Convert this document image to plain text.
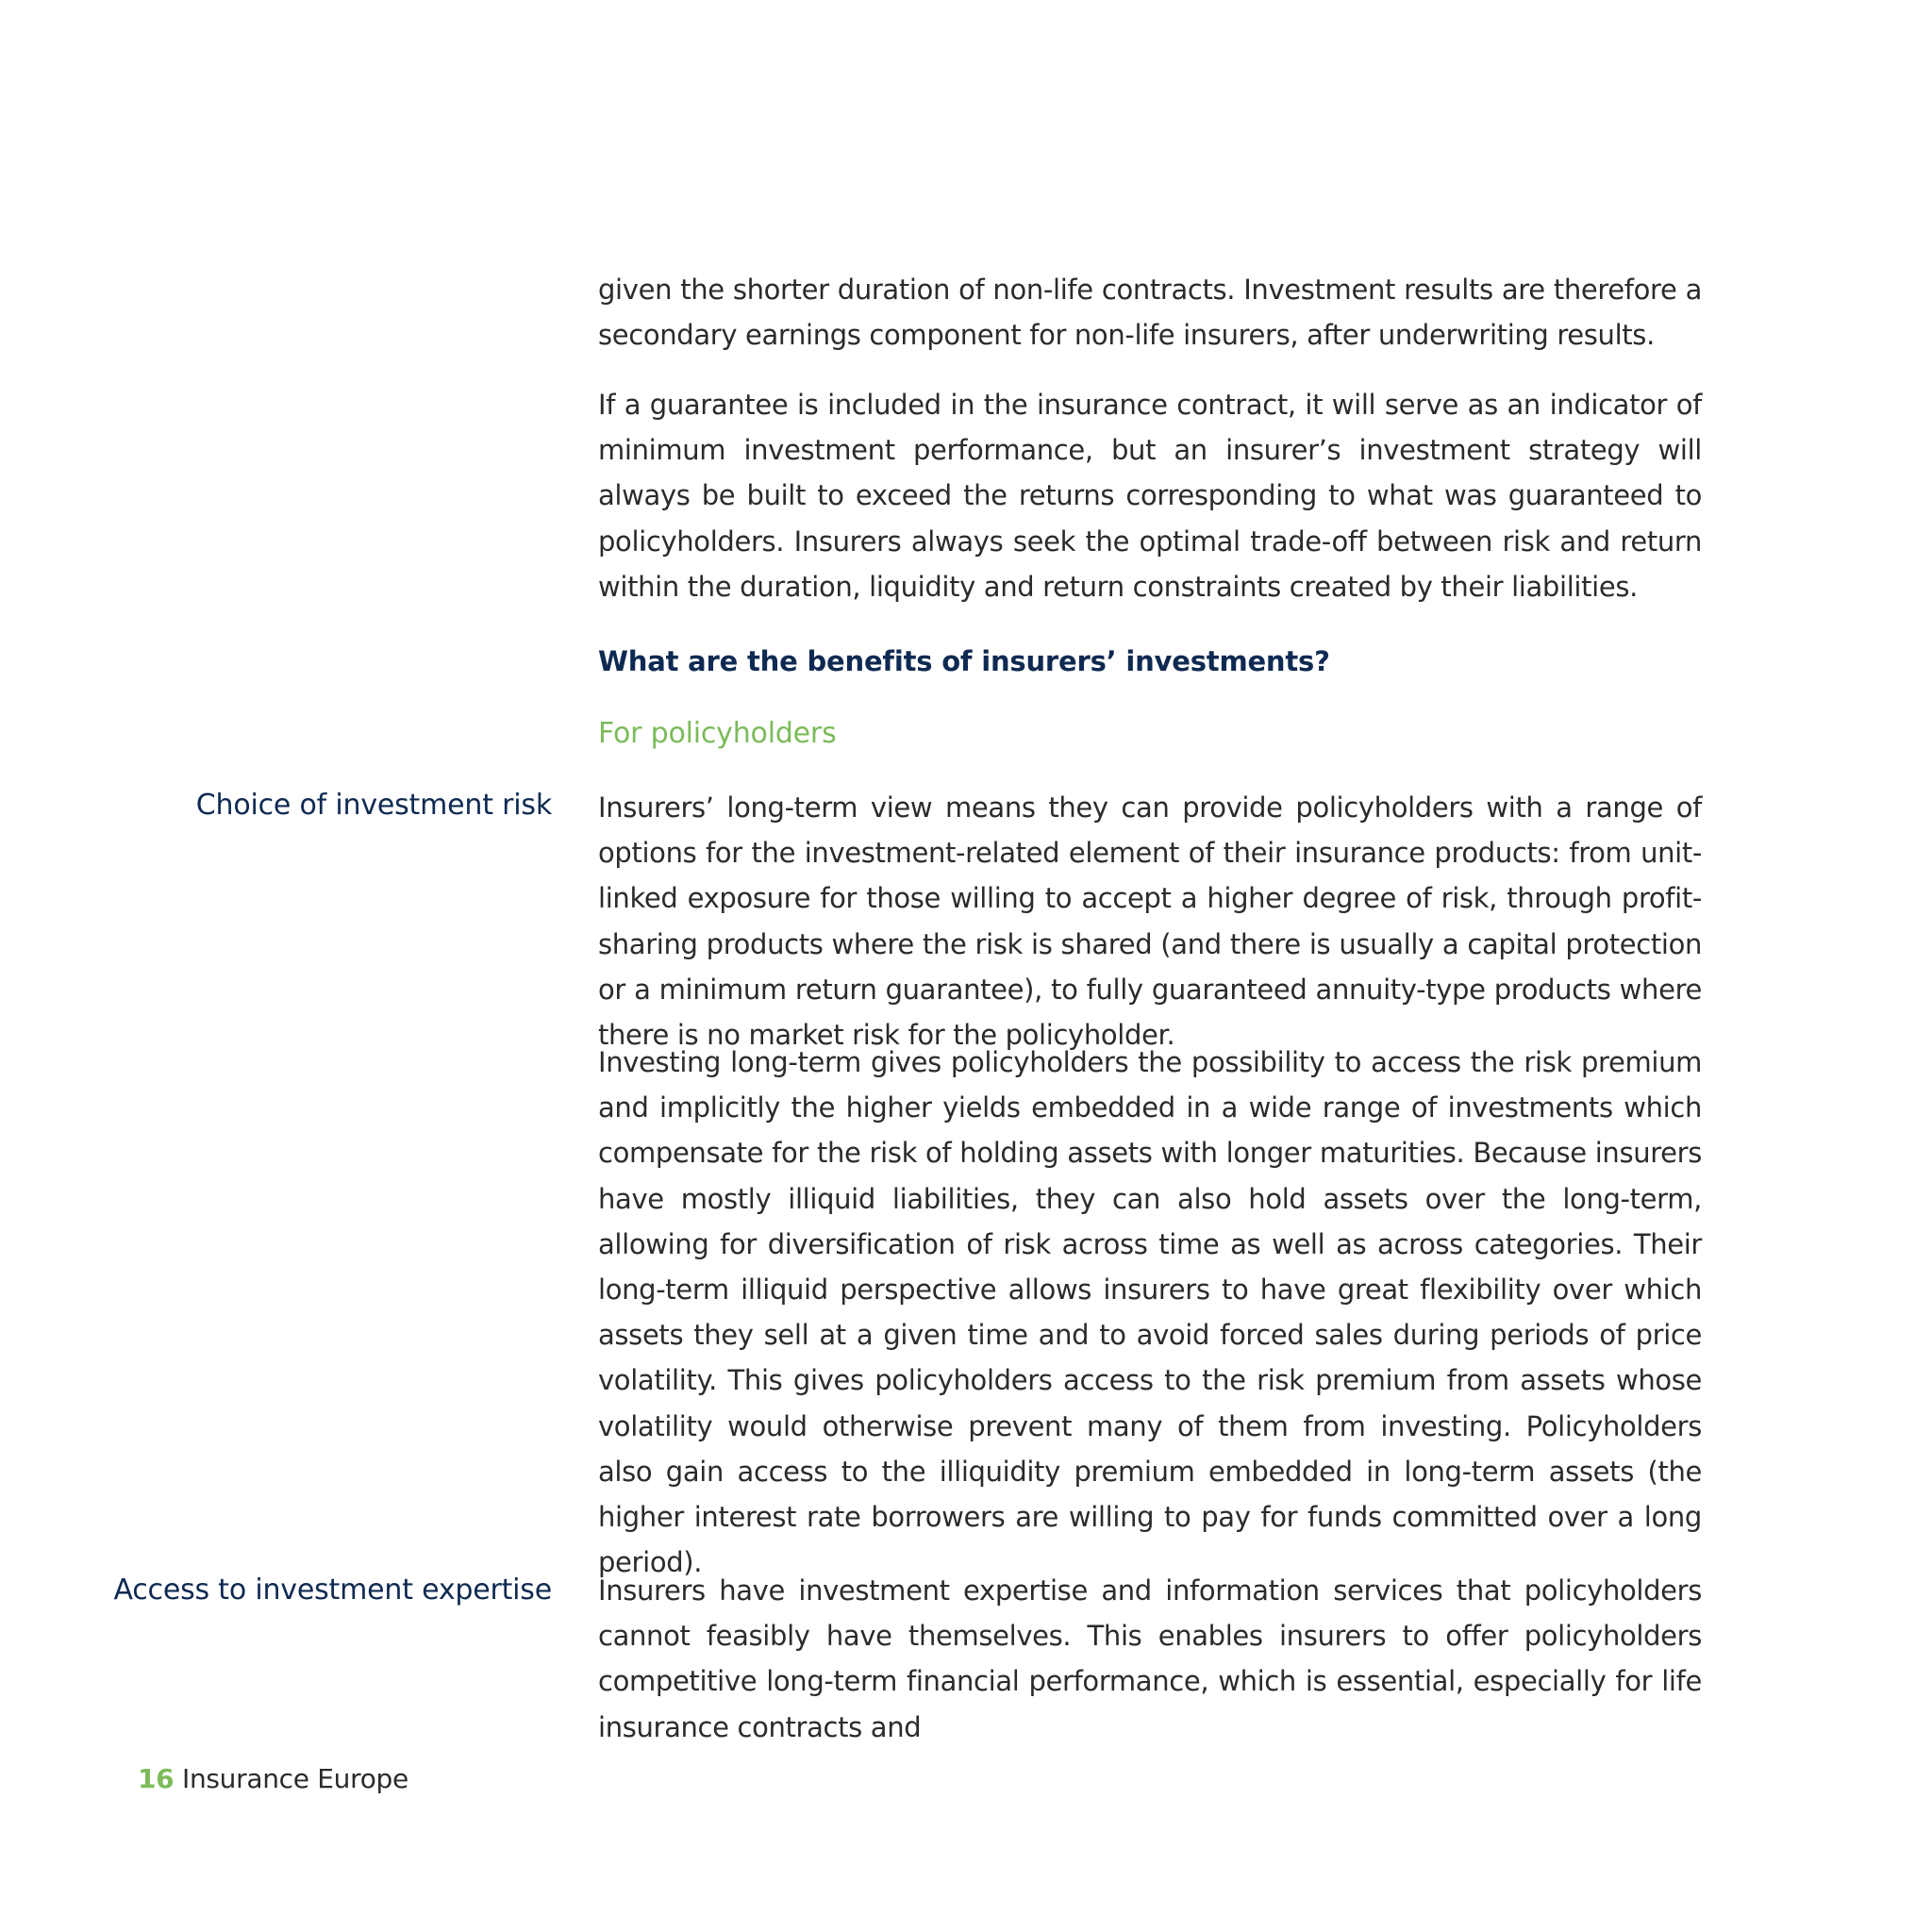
given the shorter duration of non-life contracts. Investment results are therefore a secondary earnings component for non-life insurers, after underwriting results.

If a guarantee is included in the insurance contract, it will serve as an indicator of minimum investment performance, but an insurer’s investment strategy will always be built to exceed the returns corresponding to what was guaranteed to policyholders. Insurers always seek the optimal trade-off between risk and return within the duration, liquidity and return constraints created by their liabilities.

What are the benefits of insurers’ investments?

For policyholders

Choice of investment risk Insurers’ long-term view means they can provide policyholders with a range of options for the investment-related element of their insurance products: from unit-linked exposure for those willing to accept a higher degree of risk, through profit-sharing products where the risk is shared (and there is usually a capital protection or a minimum return guarantee), to fully guaranteed annuity-type products where there is no market risk for the policyholder.

Investing long-term gives policyholders the possibility to access the risk premium and implicitly the higher yields embedded in a wide range of investments which compensate for the risk of holding assets with longer maturities. Because insurers have mostly illiquid liabilities, they can also hold assets over the long-term, allowing for diversification of risk across time as well as across categories. Their long-term illiquid perspective allows insurers to have great flexibility over which assets they sell at a given time and to avoid forced sales during periods of price volatility. This gives policyholders access to the risk premium from assets whose volatility would otherwise prevent many of them from investing. Policyholders also gain access to the illiquidity premium embedded in long-term assets (the higher interest rate borrowers are willing to pay for funds committed over a long period).

Access to investment expertise Insurers have investment expertise and information services that policyholders cannot feasibly have themselves. This enables insurers to offer policyholders competitive long-term financial performance, which is essential, especially for life insurance contracts and

16 Insurance Europe
